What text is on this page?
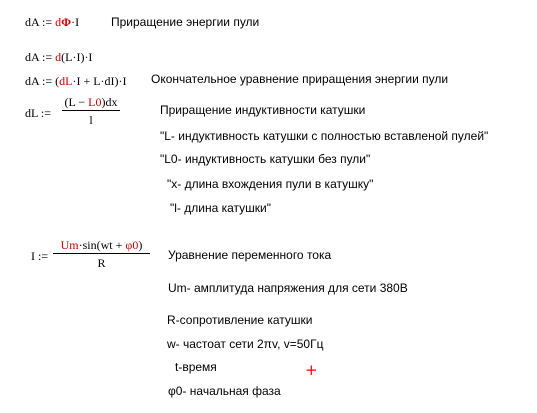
dA := dΦ·I	Приращение энергии пули
dA := d(L·I)·I
dA := (dL·I + L·dI)·I Окончательное уравнение приращения энергии пули
dL :=
(L − L0)dx
l
Приращение индуктивности катушки
"L- индуктивность катушки с полностью вставленой пулей"
"L0- индуктивность катушки без пули"
"x- длина вхождения пули в катушку"
"l- длина катушки"
I :=
Um·sin(wt + φ0)
R
Уравнение переменного тока
Um- амплитуда напряжения для сети 380В
R-сопротивление катушки
w- частоат сети 2πv, v=50Гц
t-время
φ0- начальная фаза
+
